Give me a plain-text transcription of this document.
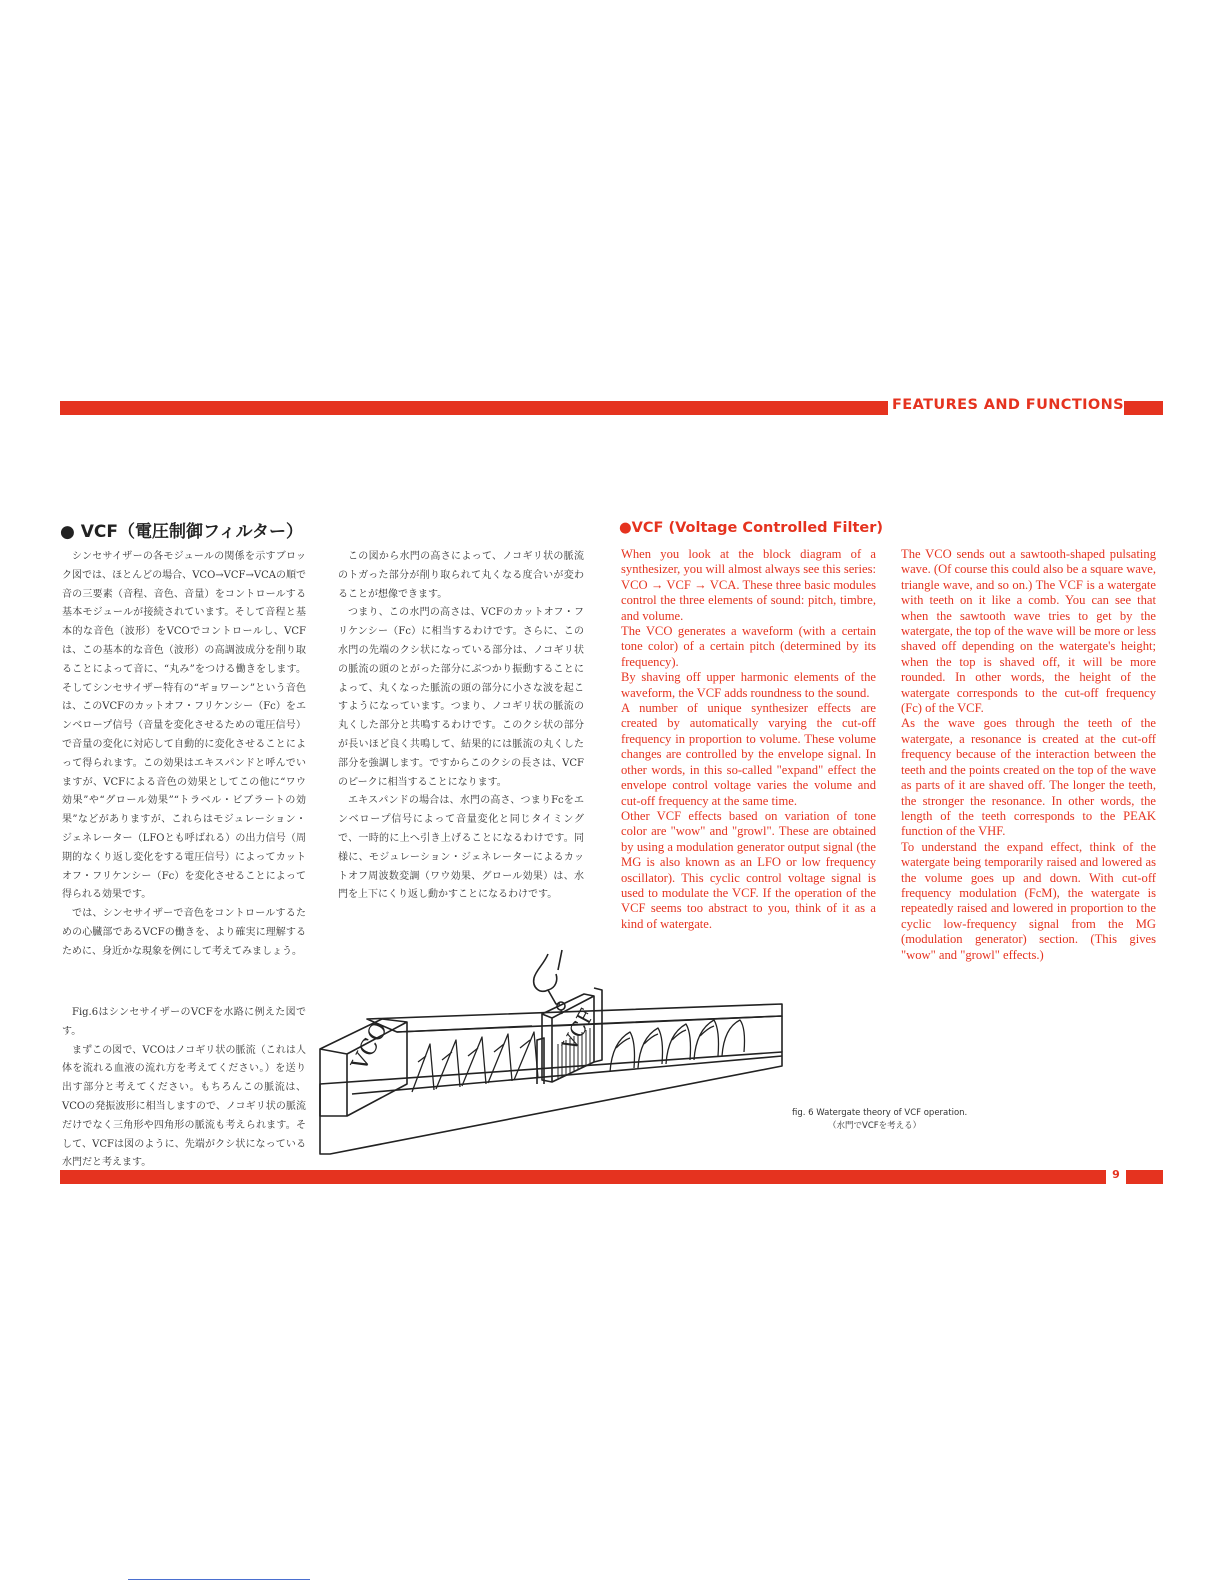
FEATURES AND FUNCTIONS
● VCF（電圧制御フィルター）

シンセサイザーの各モジュールの関係を示すブロック図では、ほとんどの場合、VCO→VCF→VCAの順で音の三要素（音程、音色、音量）をコントロールする基本モジュールが接続されています。そして音程と基本的な音色（波形）をVCOでコントロールし、VCFは、この基本的な音色（波形）の高調波成分を削り取ることによって音に、“丸み”をつける働きをします。そしてシンセサイザー特有の“ギョワーン”という音色は、このVCFのカットオフ・フリケンシー（Fc）をエンベロープ信号（音量を変化させるための電圧信号）で音量の変化に対応して自動的に変化させることによって得られます。この効果はエキスパンドと呼んでいますが、VCFによる音色の効果としてこの他に“ワウ効果”や“グロール効果”“トラベル・ビブラートの効果”などがありますが、これらはモジュレーション・ジェネレーター（LFOとも呼ばれる）の出力信号（周期的なくり返し変化をする電圧信号）によってカットオフ・フリケンシー（Fc）を変化させることによって得られる効果です。

では、シンセサイザーで音色をコントロールするための心臓部であるVCFの働きを、より確実に理解するために、身近かな現象を例にして考えてみましょう。

Fig.6はシンセサイザーのVCFを水路に例えた図です。

まずこの図で、VCOはノコギリ状の脈流（これは人体を流れる血液の流れ方を考えてください。）を送り出す部分と考えてください。もちろんこの脈流は、VCOの発振波形に相当しますので、ノコギリ状の脈流だけでなく三角形や四角形の脈流も考えられます。そして、VCFは図のように、先端がクシ状になっている水門だと考えます。

この図から水門の高さによって、ノコギリ状の脈流のトガった部分が削り取られて丸くなる度合いが変わることが想像できます。

つまり、この水門の高さは、VCFのカットオフ・フリケンシー（Fc）に相当するわけです。さらに、この水門の先端のクシ状になっている部分は、ノコギリ状の脈流の頭のとがった部分にぶつかり振動することによって、丸くなった脈流の頭の部分に小さな波を起こすようになっています。つまり、ノコギリ状の脈流の丸くした部分と共鳴するわけです。このクシ状の部分が長いほど良く共鳴して、結果的には脈流の丸くした部分を強調します。ですからこのクシの長さは、VCFのピークに相当することになります。

エキスパンドの場合は、水門の高さ、つまりFcをエンベロープ信号によって音量変化と同じタイミングで、一時的に上へ引き上げることになるわけです。同様に、モジュレーション・ジェネレーターによるカットオフ周波数変調（ワウ効果、グロール効果）は、水門を上下にくり返し動かすことになるわけです。

●VCF (Voltage Controlled Filter)

When you look at the block diagram of a synthesizer, you will almost always see this series: VCO → VCF → VCA. These three basic modules control the three elements of sound: pitch, timbre, and volume.

The VCO generates a waveform (with a certain tone color) of a certain pitch (determined by its frequency).

By shaving off upper harmonic elements of the waveform, the VCF adds roundness to the sound.

A number of unique synthesizer effects are created by automatically varying the cut-off frequency in proportion to volume. These volume changes are controlled by the envelope signal. In other words, in this so-called "expand" effect the envelope control voltage varies the volume and cut-off frequency at the same time.

Other VCF effects based on variation of tone color are "wow" and "growl". These are obtained by using a modulation generator output signal (the MG is also known as an LFO or low frequency oscillator). This cyclic control voltage signal is used to modulate the VCF. If the operation of the VCF seems too abstract to you, think of it as a kind of watergate.

The VCO sends out a sawtooth-shaped pulsating wave. (Of course this could also be a square wave, triangle wave, and so on.) The VCF is a watergate with teeth on it like a comb. You can see that when the sawtooth wave tries to get by the watergate, the top of the wave will be more or less shaved off depending on the watergate's height; when the top is shaved off, it will be more rounded. In other words, the height of the watergate corresponds to the cut-off frequency (Fc) of the VCF.

As the wave goes through the teeth of the watergate, a resonance is created at the cut-off frequency because of the interaction between the teeth and the points created on the top of the wave as parts of it are shaved off. The longer the teeth, the stronger the resonance. In other words, the length of the teeth corresponds to the PEAK function of the VHF.

To understand the expand effect, think of the watergate being temporarily raised and lowered as the volume goes up and down. With cut-off frequency modulation (FcM), the watergate is repeatedly raised and lowered in proportion to the cyclic low-frequency signal from the MG (modulation generator) section. (This gives "wow" and "growl" effects.)

VCO	VCF
fig. 6 Watergate theory of VCF operation.
（水門でVCFを考える）
9
